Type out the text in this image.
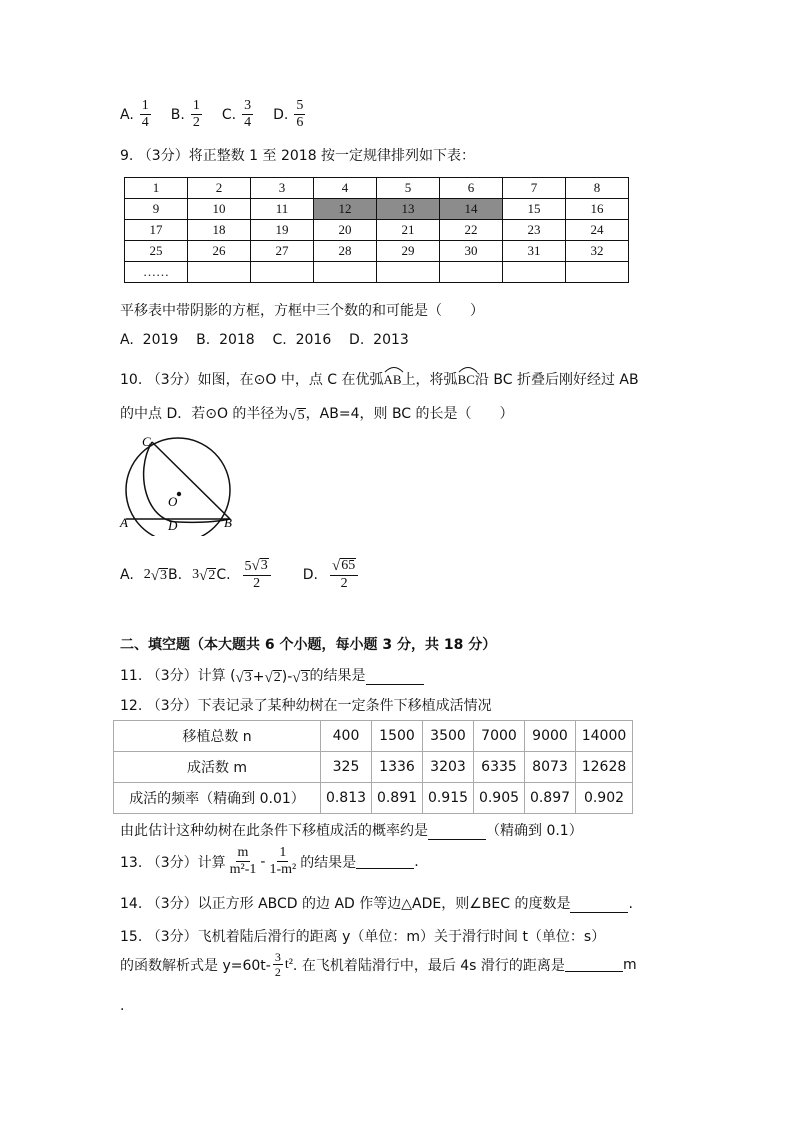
A. $\frac{1}{4} B$. $\frac{1}{2} C$. $\frac{3}{4} D$. $\frac{5}{6}$
9. （3分）将正整数 1 至 2018 按一定规律排列如下表：
1	2	3	4	5	6	7	8
9	10	11	12	13	14	15	16
17	18	19	20	21	22	23	24
25	26	27	28	29	30	31	32
……							
平移表中带阴影的方框，方框中三个数的和可能是（　　）
A.  2019    B.  2018    C.  2016    D.  2013
10. （3分）如图，在⊙O 中，点 C 在优弧AB
上，将弧BC
沿 BC 折叠后刚好经过 AB
的中点 D．若⊙O 的半径为 √ 5 ，AB=4，则 BC 的长是（　　）
C
O
A	D	B
A. 2 √ 3 B. 3 √ 2 C. $\frac{5 √ 3}{2} D$. $\frac{√ 65}{2}$
二、填空题（本大题共 6 个小题，每小题 3 分，共 18 分）
11. （3分）计算 ( √ 3 + √ 2 )- √ 3 的结果是
12. （3分）下表记录了某种幼树在一定条件下移植成活情况
移植总数 n	400	1500	3500	7000	9000	14000
成活数 m	325	1336	3203	6335	8073	12628
成活的频率（精确到 0.01）	0.813	0.891	0.915	0.905	0.897	0.902
由此估计这种幼树在此条件下移植成活的概率约是	（精确到 0.1）
13. （3分）计算 $\frac{m}{\text{m²-1}} - \frac{1}{\text{1-m²}}$ 的结果是	.
14. （3分）以正方形 ABCD 的边 AD 作等边△ADE，则∠BEC 的度数是	.
15. （3分）飞机着陆后滑行的距离 y（单位：m）关于滑行时间 t（单位：s）
的函数解析式是 $y=60t- \frac{3}{2} t^2$ . 在飞机着陆滑行中，最后 4s 滑行的距离是	m
.
